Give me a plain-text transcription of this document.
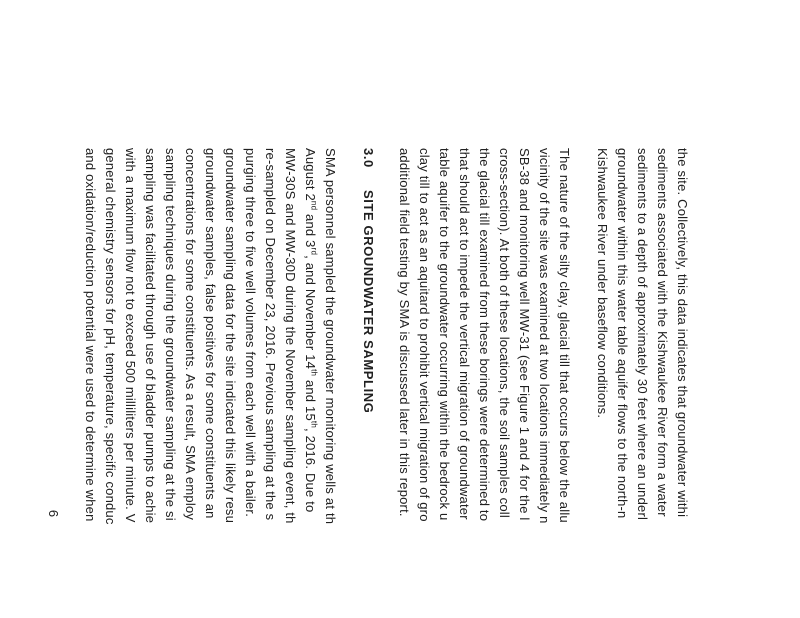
the site. Collectively, this data indicates that groundwater withi
sediments associated with the Kishwaukee River form a water
sediments to a depth of approximately 30 feet where an underl
groundwater within this water table aquifer flows to the north-n
Kishwaukee River under baseflow conditions.
The nature of the silty clay, glacial till that occurs below the allu
vicinity of the site was examined at two locations immediately n
SB-38 and monitoring well MW-31 (see Figure 1 and 4 for the l
cross-section). At both of these locations, the soil samples coll
the glacial till examined from these borings were determined to
that should act to impede the vertical migration of groundwater
table aquifer to the groundwater occurring within the bedrock u
clay till to act as an aquitard to prohibit vertical migration of gro
additional field testing by SMA is discussed later in this report.
3.0SITE GROUNDWATER SAMPLING
SMA personnel sampled the groundwater monitoring wells at th
August 2nd and 3rd, and November 14th and 15th, 2016. Due to
MW-30S and MW-30D during the November sampling event, th
re-sampled on December 23, 2016. Previous sampling at the s
purging three to five well volumes from each well with a bailer.
groundwater sampling data for the site indicated this likely resu
groundwater samples, false positives for some constituents an
concentrations for some constituents. As a result, SMA employ
sampling techniques during the groundwater sampling at the si
sampling was facilitated through use of bladder pumps to achie
with a maximum flow not to exceed 500 milliliters per minute. V
general chemistry sensors for pH, temperature, specific conduc
and oxidation/reduction potential were used to determine when
6
